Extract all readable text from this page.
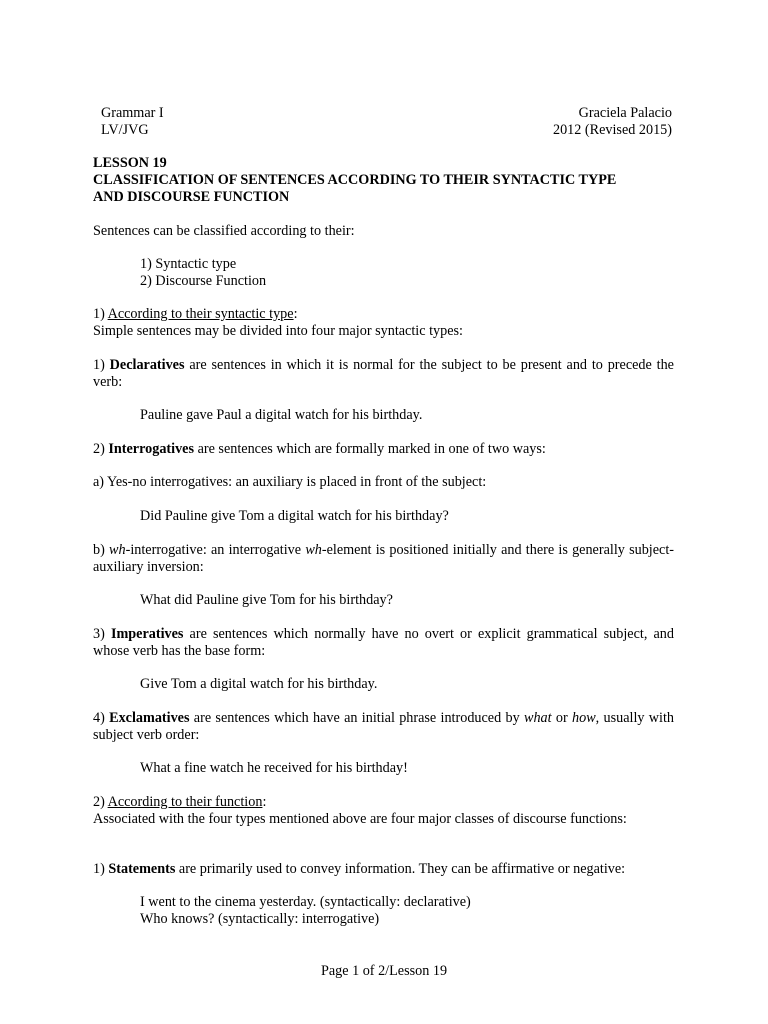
Grammar I
LV/JVG
Graciela Palacio
2012 (Revised 2015)
LESSON 19
CLASSIFICATION OF SENTENCES ACCORDING TO THEIR SYNTACTIC TYPE
AND DISCOURSE FUNCTION
Sentences can be classified according to their:
1) Syntactic type
2) Discourse Function
1) According to their syntactic type:
Simple sentences may be divided into four major syntactic types:
1) Declaratives are sentences in which it is normal for the subject to be present and to precede the verb:
Pauline gave Paul a digital watch for his birthday.
2) Interrogatives are sentences which are formally marked in one of two ways:
a) Yes-no interrogatives: an auxiliary is placed in front of the subject:
Did Pauline give Tom a digital watch for his birthday?
b) wh-interrogative: an interrogative wh-element is positioned initially and there is generally subject-auxiliary inversion:
What did Pauline give Tom for his birthday?
3) Imperatives are sentences which normally have no overt or explicit grammatical subject, and whose verb has the base form:
Give Tom a digital watch for his birthday.
4) Exclamatives are sentences which have an initial phrase introduced by what or how, usually with subject verb order:
What a fine watch he received for his birthday!
2) According to their function:
Associated with the four types mentioned above are four major classes of discourse functions:
1) Statements are primarily used to convey information. They can be affirmative or negative:
I went to the cinema yesterday. (syntactically: declarative)
Who knows? (syntactically: interrogative)
Page 1 of 2/Lesson 19
